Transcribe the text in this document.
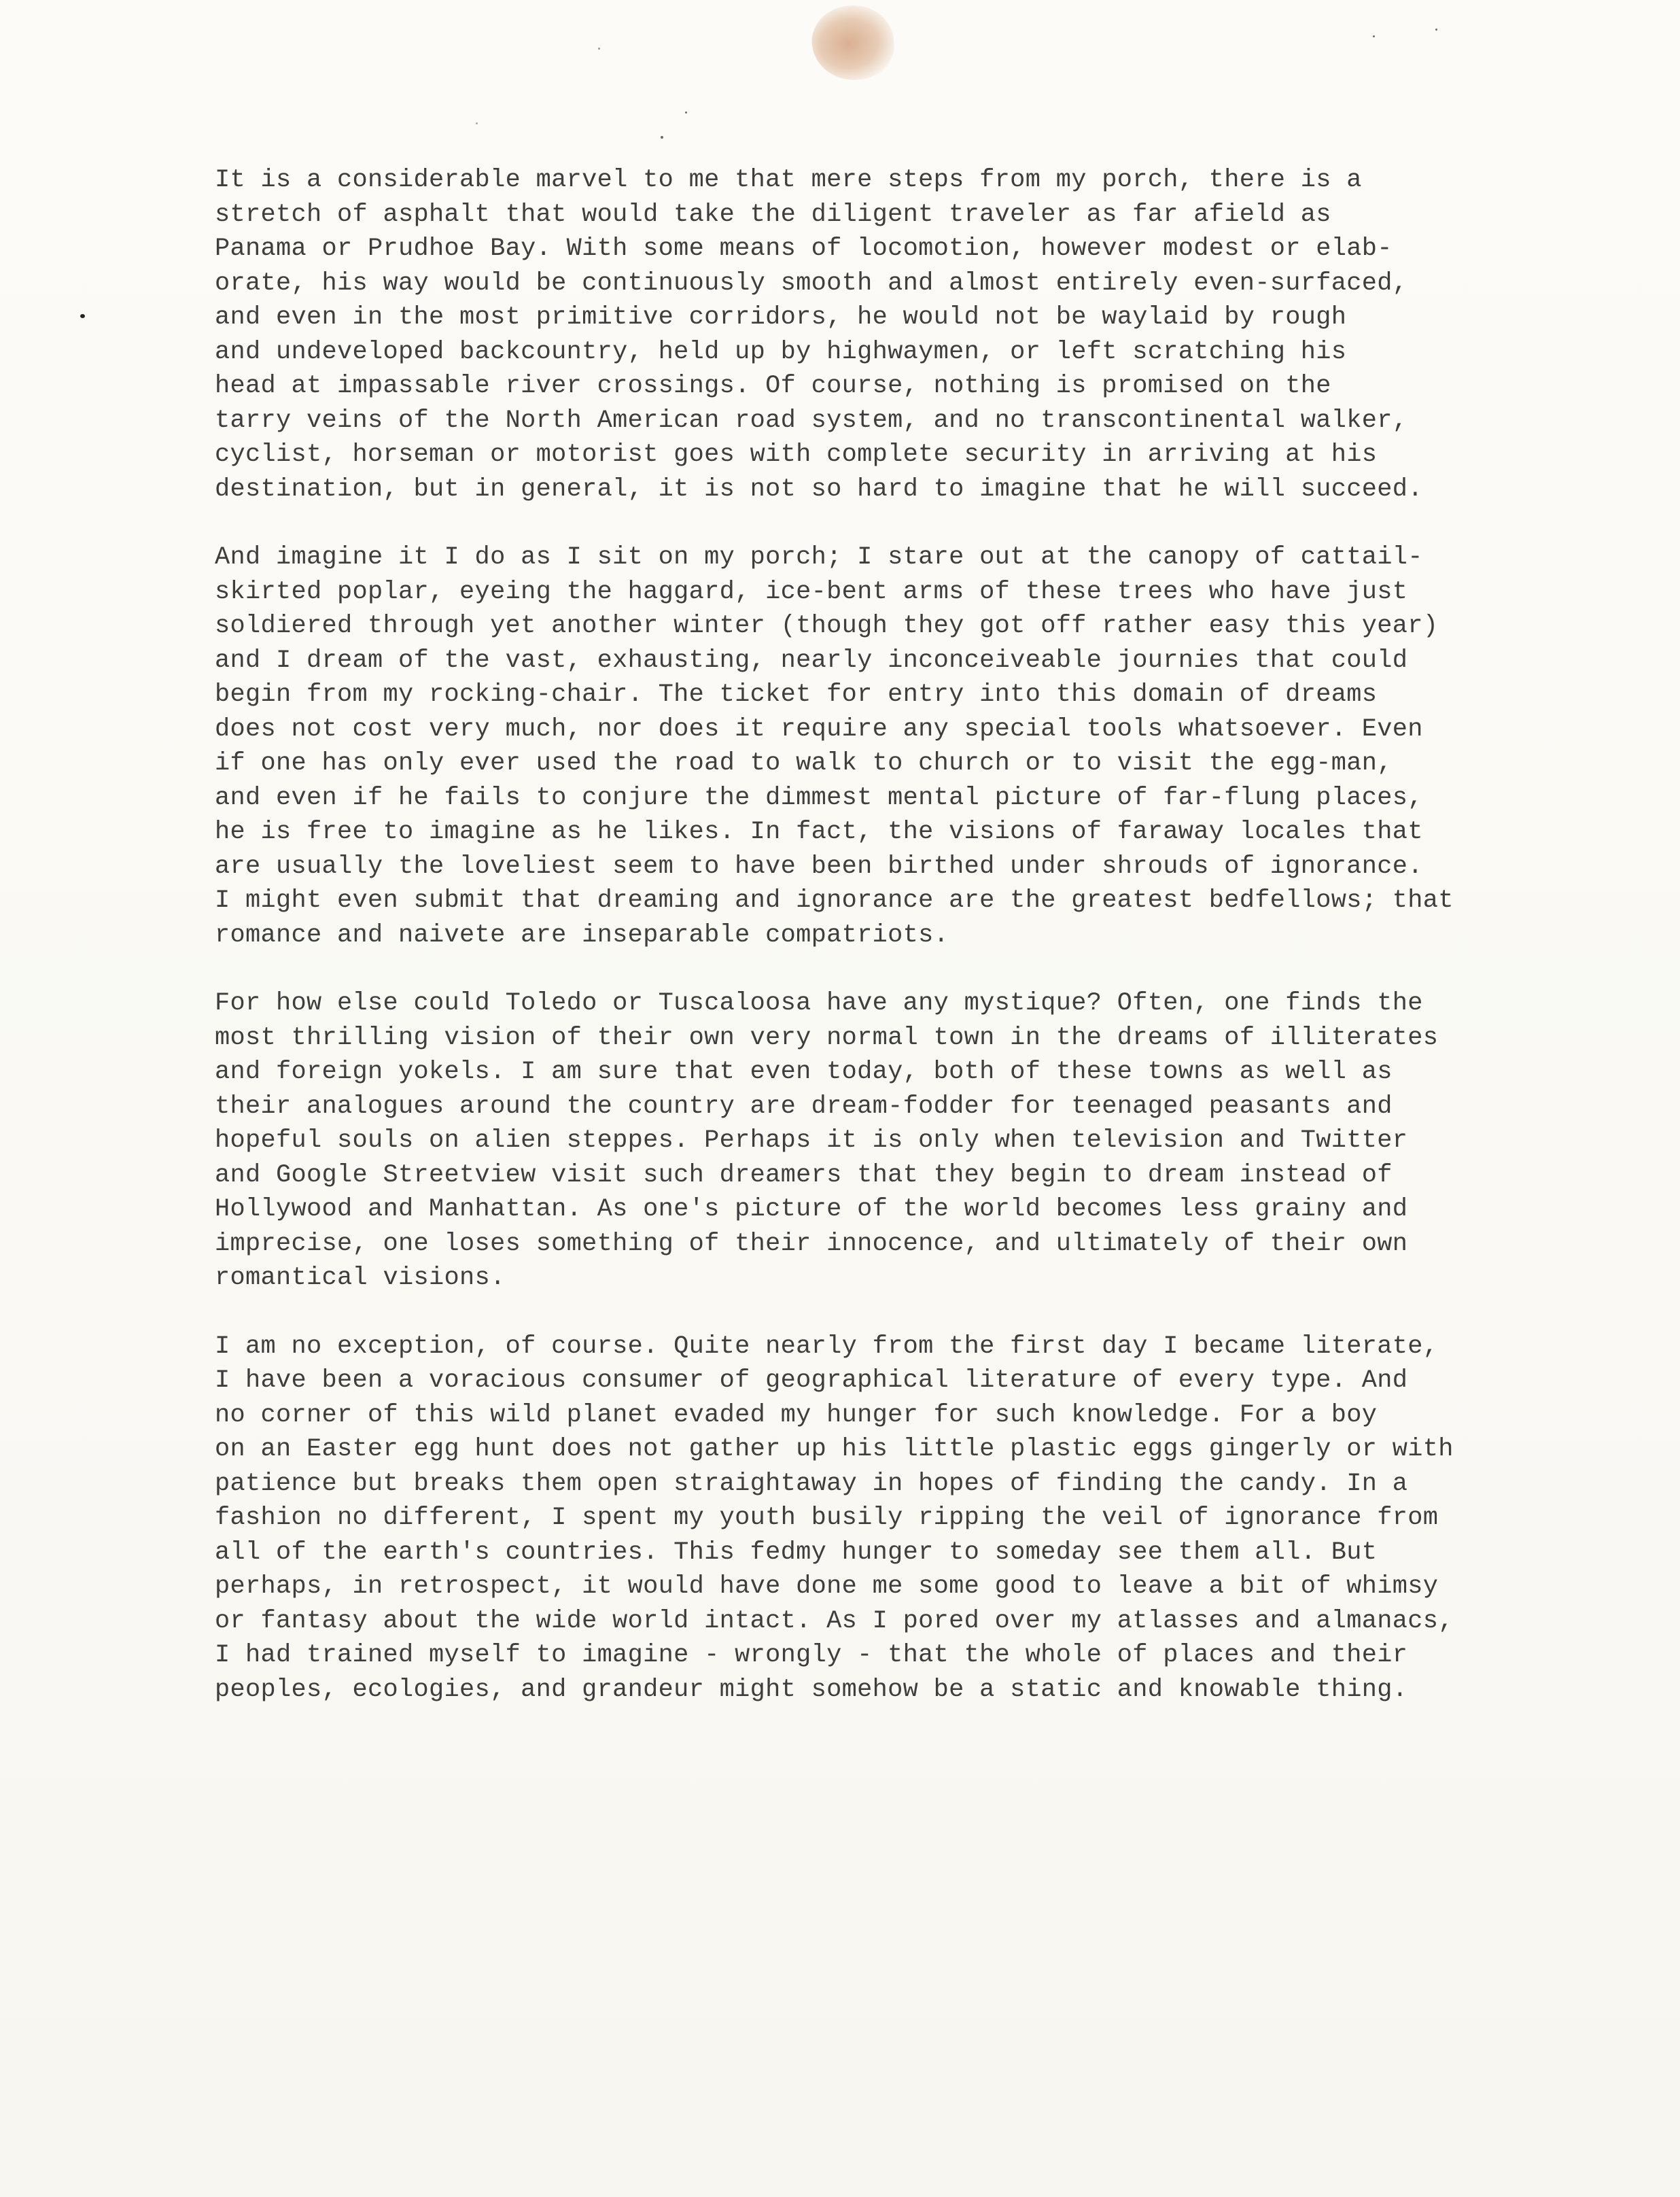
It is a considerable marvel to me that mere steps from my porch, there is a
stretch of asphalt that would take the diligent traveler as far afield as
Panama or Prudhoe Bay. With some means of locomotion, however modest or elab-
orate, his way would be continuously smooth and almost entirely even-surfaced,
and even in the most primitive corridors, he would not be waylaid by rough
and undeveloped backcountry, held up by highwaymen, or left scratching his
head at impassable river crossings. Of course, nothing is promised on the
tarry veins of the North American road system, and no transcontinental walker,
cyclist, horseman or motorist goes with complete security in arriving at his
destination, but in general, it is not so hard to imagine that he will succeed.
And imagine it I do as I sit on my porch; I stare out at the canopy of cattail-
skirted poplar, eyeing the haggard, ice-bent arms of these trees who have just
soldiered through yet another winter (though they got off rather easy this year)
and I dream of the vast, exhausting, nearly inconceiveable journies that could
begin from my rocking-chair. The ticket for entry into this domain of dreams
does not cost very much, nor does it require any special tools whatsoever. Even
if one has only ever used the road to walk to church or to visit the egg-man,
and even if he fails to conjure the dimmest mental picture of far-flung places,
he is free to imagine as he likes. In fact, the visions of faraway locales that
are usually the loveliest seem to have been birthed under shrouds of ignorance.
I might even submit that dreaming and ignorance are the greatest bedfellows; that
romance and naivete are inseparable compatriots.
For how else could Toledo or Tuscaloosa have any mystique? Often, one finds the
most thrilling vision of their own very normal town in the dreams of illiterates
and foreign yokels. I am sure that even today, both of these towns as well as
their analogues around the country are dream-fodder for teenaged peasants and
hopeful souls on alien steppes. Perhaps it is only when television and Twitter
and Google Streetview visit such dreamers that they begin to dream instead of
Hollywood and Manhattan. As one's picture of the world becomes less grainy and
imprecise, one loses something of their innocence, and ultimately of their own
romantical visions.
I am no exception, of course. Quite nearly from the first day I became literate,
I have been a voracious consumer of geographical literature of every type. And
no corner of this wild planet evaded my hunger for such knowledge. For a boy
on an Easter egg hunt does not gather up his little plastic eggs gingerly or with
patience but breaks them open straightaway in hopes of finding the candy. In a
fashion no different, I spent my youth busily ripping the veil of ignorance from
all of the earth's countries. This fedmy hunger to someday see them all. But
perhaps, in retrospect, it would have done me some good to leave a bit of whimsy
or fantasy about the wide world intact. As I pored over my atlasses and almanacs,
I had trained myself to imagine - wrongly - that the whole of places and their
peoples, ecologies, and grandeur might somehow be a static and knowable thing.
